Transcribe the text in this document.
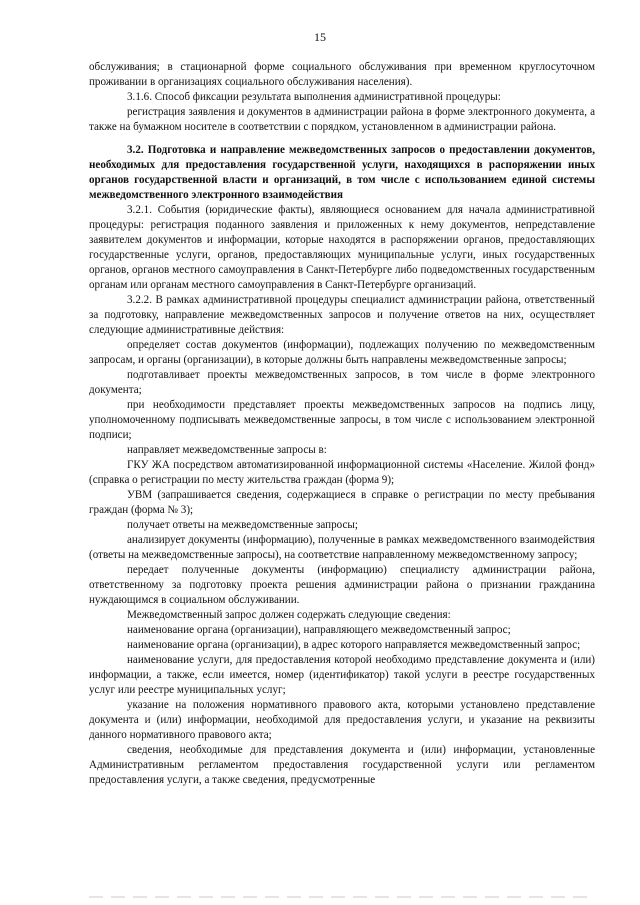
15

обслуживания; в стационарной форме социального обслуживания при временном круглосуточном проживании в организациях социального обслуживания населения).

3.1.6. Способ фиксации результата выполнения административной процедуры:

регистрация заявления и документов в администрации района в форме электронного документа, а также на бумажном носителе в соответствии с порядком, установленном в администрации района.

3.2. Подготовка и направление межведомственных запросов о предоставлении документов, необходимых для предоставления государственной услуги, находящихся в распоряжении иных органов государственной власти и организаций, в том числе с использованием единой системы межведомственного электронного взаимодействия

3.2.1. События (юридические факты), являющиеся основанием для начала административной процедуры: регистрация поданного заявления и приложенных к нему документов, непредставление заявителем документов и информации, которые находятся в распоряжении органов, предоставляющих государственные услуги, органов, предоставляющих муниципальные услуги, иных государственных органов, органов местного самоуправления в Санкт-Петербурге либо подведомственных государственным органам или органам местного самоуправления в Санкт-Петербурге организаций.

3.2.2. В рамках административной процедуры специалист администрации района, ответственный за подготовку, направление межведомственных запросов и получение ответов на них, осуществляет следующие административные действия:

определяет состав документов (информации), подлежащих получению по межведомственным запросам, и органы (организации), в которые должны быть направлены межведомственные запросы;

подготавливает проекты межведомственных запросов, в том числе в форме электронного документа;

при необходимости представляет проекты межведомственных запросов на подпись лицу, уполномоченному подписывать межведомственные запросы, в том числе с использованием электронной подписи;

направляет межведомственные запросы в:

ГКУ ЖА посредством автоматизированной информационной системы «Население. Жилой фонд» (справка о регистрации по месту жительства граждан (форма 9);

УВМ (запрашивается сведения, содержащиеся в справке о регистрации по месту пребывания граждан (форма № 3);

получает ответы на межведомственные запросы;

анализирует документы (информацию), полученные в рамках межведомственного взаимодействия (ответы на межведомственные запросы), на соответствие направленному межведомственному запросу;

передает полученные документы (информацию) специалисту администрации района, ответственному за подготовку проекта решения администрации района о признании гражданина нуждающимся в социальном обслуживании.

Межведомственный запрос должен содержать следующие сведения:

наименование органа (организации), направляющего межведомственный запрос;

наименование органа (организации), в адрес которого направляется межведомственный запрос;

наименование услуги, для предоставления которой необходимо представление документа и (или) информации, а также, если имеется, номер (идентификатор) такой услуги в реестре государственных услуг или реестре муниципальных услуг;

указание на положения нормативного правового акта, которыми установлено представление документа и (или) информации, необходимой для предоставления услуги, и указание на реквизиты данного нормативного правового акта;

сведения, необходимые для представления документа и (или) информации, установленные Административным регламентом предоставления государственной услуги или регламентом предоставления услуги, а также сведения, предусмотренные
